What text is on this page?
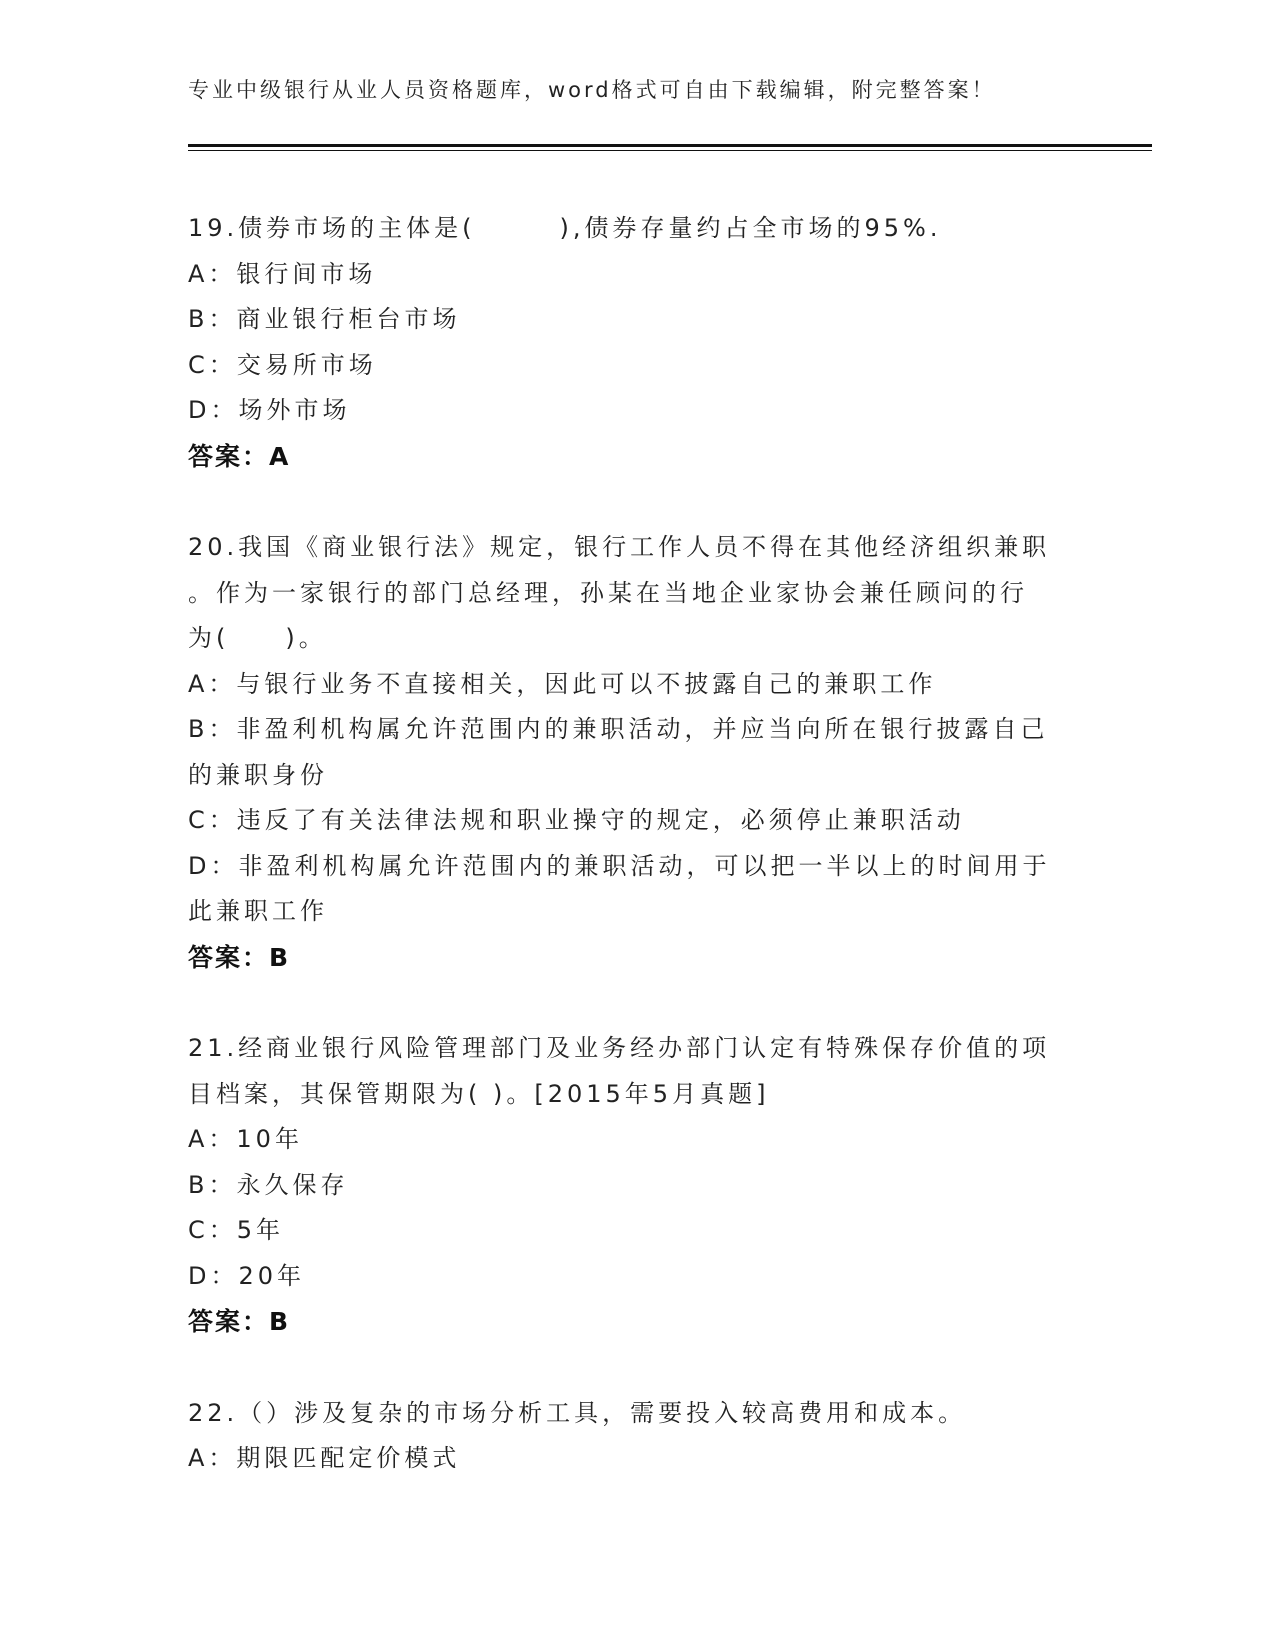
专业中级银行从业人员资格题库，word格式可自由下载编辑，附完整答案！
19.债券市场的主体是(　　　),债券存量约占全市场的95%.
A：银行间市场
B：商业银行柜台市场
C：交易所市场
D：场外市场
答案：A
20.我国《商业银行法》规定，银行工作人员不得在其他经济组织兼职
。作为一家银行的部门总经理，孙某在当地企业家协会兼任顾问的行
为(　　)。
A：与银行业务不直接相关，因此可以不披露自己的兼职工作
B：非盈利机构属允许范围内的兼职活动，并应当向所在银行披露自己
的兼职身份
C：违反了有关法律法规和职业操守的规定，必须停止兼职活动
D：非盈利机构属允许范围内的兼职活动，可以把一半以上的时间用于
此兼职工作
答案：B
21.经商业银行风险管理部门及业务经办部门认定有特殊保存价值的项
目档案，其保管期限为( )。[2015年5月真题]
A：10年
B：永久保存
C：5年
D：20年
答案：B
22.（）涉及复杂的市场分析工具，需要投入较高费用和成本。
A：期限匹配定价模式
